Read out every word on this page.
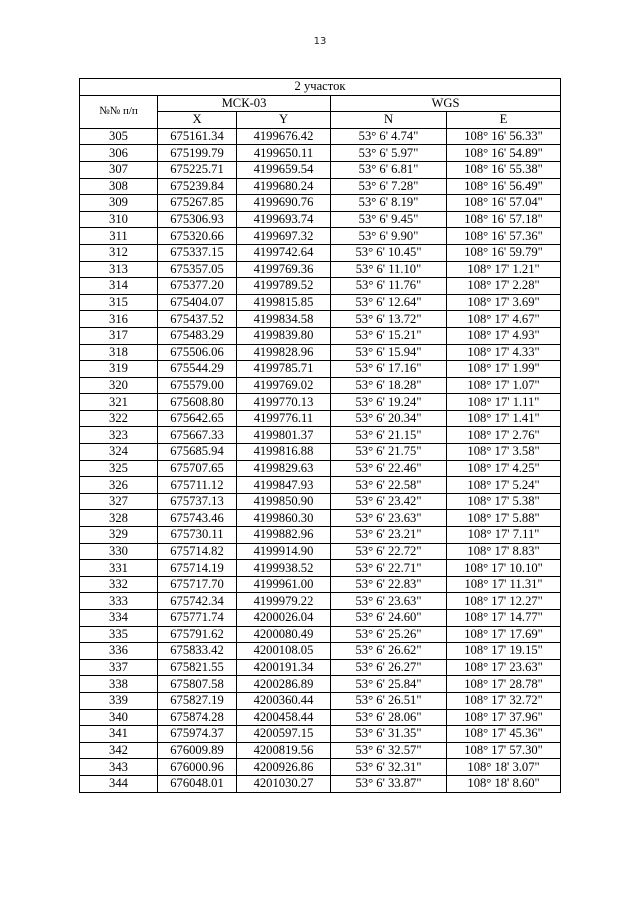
13
2 участок				
№№ п/п	МСК-03		WGS	
	X	Y	N	E
305	675161.34	4199676.42	53° 6' 4.74"	108° 16' 56.33"
306	675199.79	4199650.11	53° 6' 5.97"	108° 16' 54.89"
307	675225.71	4199659.54	53° 6' 6.81"	108° 16' 55.38"
308	675239.84	4199680.24	53° 6' 7.28"	108° 16' 56.49"
309	675267.85	4199690.76	53° 6' 8.19"	108° 16' 57.04"
310	675306.93	4199693.74	53° 6' 9.45"	108° 16' 57.18"
311	675320.66	4199697.32	53° 6' 9.90"	108° 16' 57.36"
312	675337.15	4199742.64	53° 6' 10.45"	108° 16' 59.79"
313	675357.05	4199769.36	53° 6' 11.10"	108° 17' 1.21"
314	675377.20	4199789.52	53° 6' 11.76"	108° 17' 2.28"
315	675404.07	4199815.85	53° 6' 12.64"	108° 17' 3.69"
316	675437.52	4199834.58	53° 6' 13.72"	108° 17' 4.67"
317	675483.29	4199839.80	53° 6' 15.21"	108° 17' 4.93"
318	675506.06	4199828.96	53° 6' 15.94"	108° 17' 4.33"
319	675544.29	4199785.71	53° 6' 17.16"	108° 17' 1.99"
320	675579.00	4199769.02	53° 6' 18.28"	108° 17' 1.07"
321	675608.80	4199770.13	53° 6' 19.24"	108° 17' 1.11"
322	675642.65	4199776.11	53° 6' 20.34"	108° 17' 1.41"
323	675667.33	4199801.37	53° 6' 21.15"	108° 17' 2.76"
324	675685.94	4199816.88	53° 6' 21.75"	108° 17' 3.58"
325	675707.65	4199829.63	53° 6' 22.46"	108° 17' 4.25"
326	675711.12	4199847.93	53° 6' 22.58"	108° 17' 5.24"
327	675737.13	4199850.90	53° 6' 23.42"	108° 17' 5.38"
328	675743.46	4199860.30	53° 6' 23.63"	108° 17' 5.88"
329	675730.11	4199882.96	53° 6' 23.21"	108° 17' 7.11"
330	675714.82	4199914.90	53° 6' 22.72"	108° 17' 8.83"
331	675714.19	4199938.52	53° 6' 22.71"	108° 17' 10.10"
332	675717.70	4199961.00	53° 6' 22.83"	108° 17' 11.31"
333	675742.34	4199979.22	53° 6' 23.63"	108° 17' 12.27"
334	675771.74	4200026.04	53° 6' 24.60"	108° 17' 14.77"
335	675791.62	4200080.49	53° 6' 25.26"	108° 17' 17.69"
336	675833.42	4200108.05	53° 6' 26.62"	108° 17' 19.15"
337	675821.55	4200191.34	53° 6' 26.27"	108° 17' 23.63"
338	675807.58	4200286.89	53° 6' 25.84"	108° 17' 28.78"
339	675827.19	4200360.44	53° 6' 26.51"	108° 17' 32.72"
340	675874.28	4200458.44	53° 6' 28.06"	108° 17' 37.96"
341	675974.37	4200597.15	53° 6' 31.35"	108° 17' 45.36"
342	676009.89	4200819.56	53° 6' 32.57"	108° 17' 57.30"
343	676000.96	4200926.86	53° 6' 32.31"	108° 18' 3.07"
344	676048.01	4201030.27	53° 6' 33.87"	108° 18' 8.60"
